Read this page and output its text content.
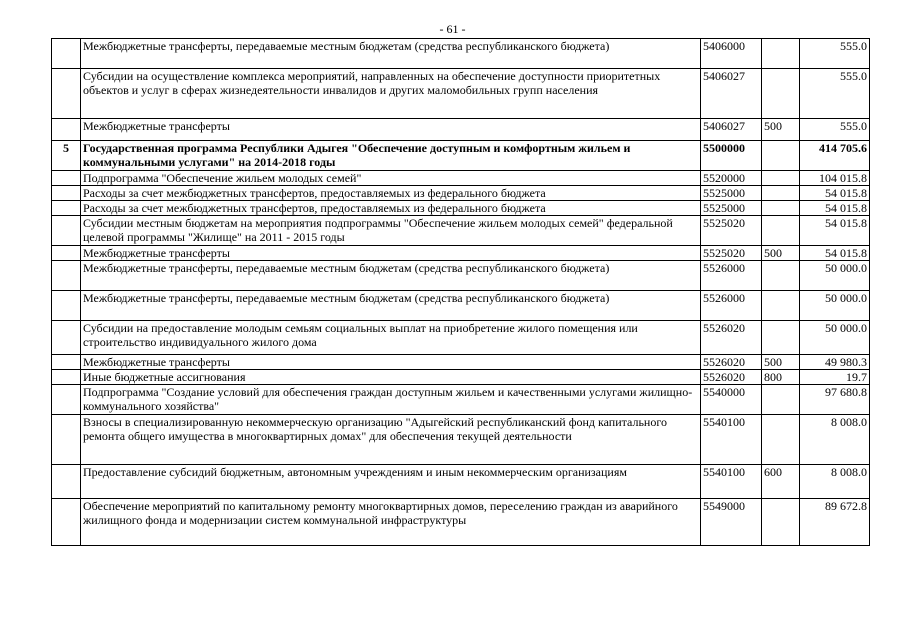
- 61 -
	Межбюджетные трансферты, передаваемые местным бюджетам (средства республиканского бюджета)	5406000		555.0
	Субсидии на осуществление комплекса мероприятий, направленных на обеспечение доступности приоритетных объектов и услуг в сферах жизнедеятельности инвалидов и других маломобильных групп населения	5406027		555.0
	Межбюджетные трансферты	5406027	500	555.0
5	Государственная программа Республики Адыгея "Обеспечение доступным и комфортным жильем и коммунальными услугами" на 2014-2018 годы	5500000		414 705.6
	Подпрограмма "Обеспечение жильем молодых семей"	5520000		104 015.8
	Расходы за счет межбюджетных трансфертов, предоставляемых из федерального бюджета	5525000		54 015.8
	Расходы за счет межбюджетных трансфертов, предоставляемых из федерального бюджета	5525000		54 015.8
	Субсидии местным бюджетам на мероприятия подпрограммы "Обеспечение жильем молодых семей" федеральной целевой программы "Жилище" на 2011 - 2015 годы	5525020		54 015.8
	Межбюджетные трансферты	5525020	500	54 015.8
	Межбюджетные трансферты, передаваемые местным бюджетам (средства республиканского бюджета)	5526000		50 000.0
	Межбюджетные трансферты, передаваемые местным бюджетам (средства республиканского бюджета)	5526000		50 000.0
	Субсидии на предоставление молодым семьям социальных выплат на приобретение жилого помещения или строительство индивидуального жилого дома	5526020		50 000.0
	Межбюджетные трансферты	5526020	500	49 980.3
	Иные бюджетные ассигнования	5526020	800	19.7
	Подпрограмма "Создание условий для обеспечения граждан доступным жильем и качественными услугами жилищно-коммунального хозяйства"	5540000		97 680.8
	Взносы в специализированную некоммерческую организацию "Адыгейский республиканский фонд капитального ремонта общего имущества в многоквартирных домах" для обеспечения текущей деятельности	5540100		8 008.0
	Предоставление субсидий бюджетным, автономным учреждениям и иным некоммерческим организациям	5540100	600	8 008.0
	Обеспечение мероприятий по капитальному ремонту многоквартирных домов, переселению граждан из аварийного жилищного фонда и модернизации систем коммунальной инфраструктуры	5549000		89 672.8
